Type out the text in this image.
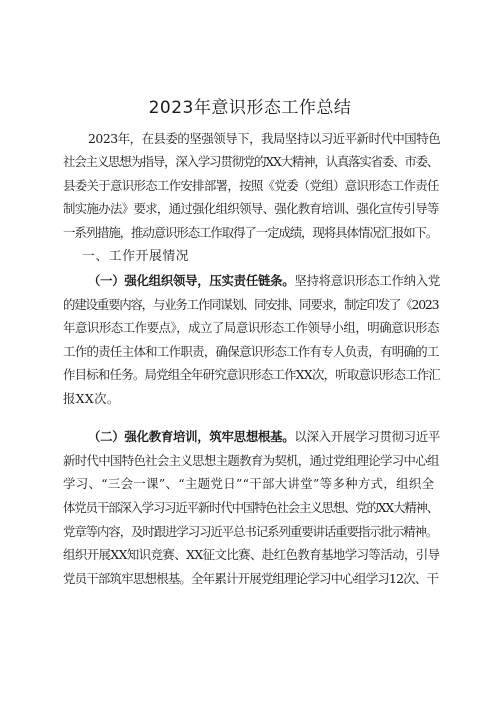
2023年意识形态工作总结
2023年，在县委的坚强领导下，我局坚持以习近平新时代中国特色
社会主义思想为指导，深入学习贯彻党的XX大精神，认真落实省委、市委、
县委关于意识形态工作安排部署，按照《党委（党组）意识形态工作责任
制实施办法》要求，通过强化组织领导、强化教育培训、强化宣传引导等
一系列措施，推动意识形态工作取得了一定成绩，现将具体情况汇报如下。
一、工作开展情况
（一）强化组织领导，压实责任链条。坚持将意识形态工作纳入党
的建设重要内容，与业务工作同谋划、同安排、同要求，制定印发了《2023
年意识形态工作要点》，成立了局意识形态工作领导小组，明确意识形态
工作的责任主体和工作职责，确保意识形态工作有专人负责，有明确的工
作目标和任务。局党组全年研究意识形态工作XX次，听取意识形态工作汇
报XX次。
（二）强化教育培训，筑牢思想根基。以深入开展学习贯彻习近平
新时代中国特色社会主义思想主题教育为契机，通过党组理论学习中心组
学习、“三会一课”、“主题党日”“干部大讲堂”等多种方式，组织全
体党员干部深入学习习近平新时代中国特色社会主义思想、党的XX大精神、
党章等内容，及时跟进学习习近平总书记系列重要讲话重要指示批示精神。
组织开展XX知识竞赛、XX征文比赛、赴红色教育基地学习等活动，引导
党员干部筑牢思想根基。全年累计开展党组理论学习中心组学习12次、干
